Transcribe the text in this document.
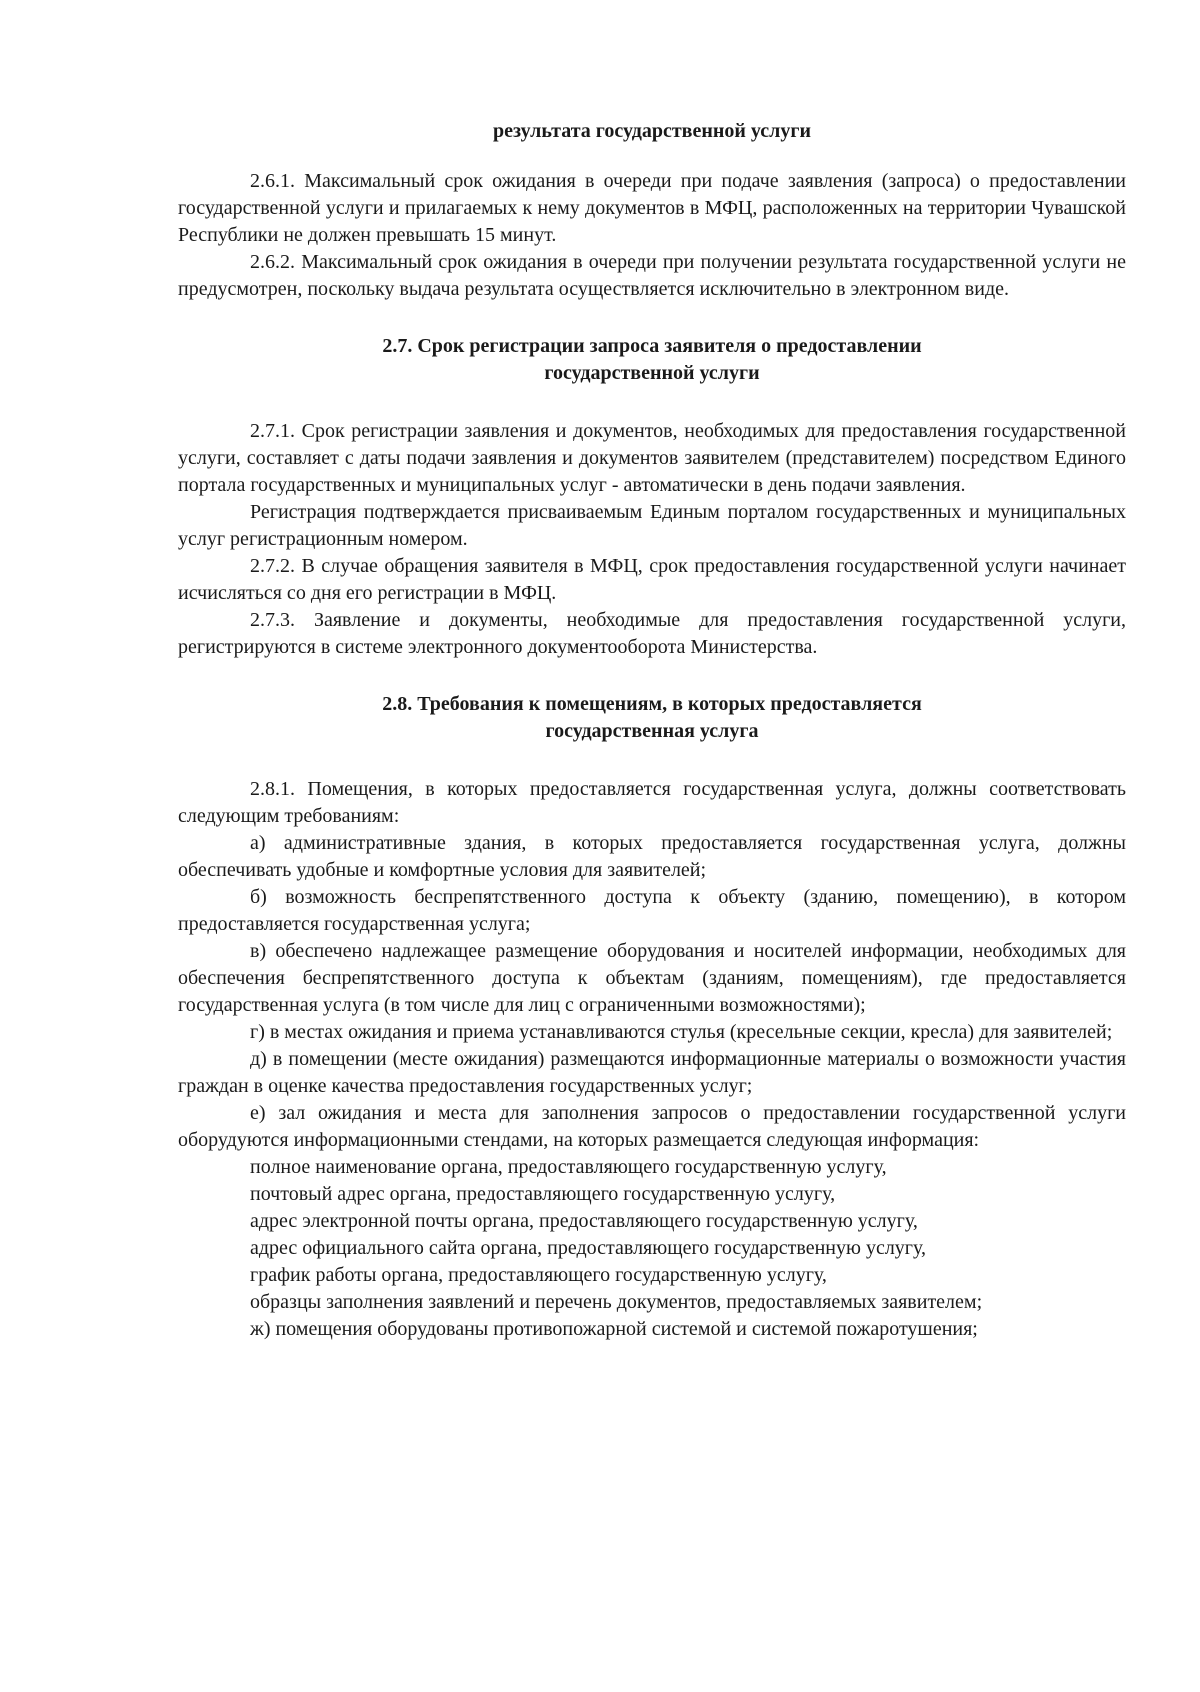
результата государственной услуги

2.6.1. Максимальный срок ожидания в очереди при подаче заявления (запроса) о предоставлении государственной услуги и прилагаемых к нему документов в МФЦ, расположенных на территории Чувашской Республики не должен превышать 15 минут.

2.6.2. Максимальный срок ожидания в очереди при получении результата государственной услуги не предусмотрен, поскольку выдача результата осуществляется исключительно в электронном виде.

2.7. Срок регистрации запроса заявителя о предоставлении
государственной услуги

2.7.1. Срок регистрации заявления и документов, необходимых для предоставления государственной услуги, составляет с даты подачи заявления и документов заявителем (представителем) посредством Единого портала государственных и муниципальных услуг - автоматически в день подачи заявления.

Регистрация подтверждается присваиваемым Единым порталом государственных и муниципальных услуг регистрационным номером.

2.7.2. В случае обращения заявителя в МФЦ, срок предоставления государственной услуги начинает исчисляться со дня его регистрации в МФЦ.

2.7.3. Заявление и документы, необходимые для предоставления государственной услуги, регистрируются в системе электронного документооборота Министерства.

2.8. Требования к помещениям, в которых предоставляется
государственная услуга

2.8.1. Помещения, в которых предоставляется государственная услуга, должны соответствовать следующим требованиям:

а) административные здания, в которых предоставляется государственная услуга, должны обеспечивать удобные и комфортные условия для заявителей;

б) возможность беспрепятственного доступа к объекту (зданию, помещению), в котором предоставляется государственная услуга;

в) обеспечено надлежащее размещение оборудования и носителей информации, необходимых для обеспечения беспрепятственного доступа к объектам (зданиям, помещениям), где предоставляется государственная услуга (в том числе для лиц с ограниченными возможностями);

г) в местах ожидания и приема устанавливаются стулья (кресельные секции, кресла) для заявителей;

д) в помещении (месте ожидания) размещаются информационные материалы о возможности участия граждан в оценке качества предоставления государственных услуг;

е) зал ожидания и места для заполнения запросов о предоставлении государственной услуги оборудуются информационными стендами, на которых размещается следующая информация:

полное наименование органа, предоставляющего государственную услугу,

почтовый адрес органа, предоставляющего государственную услугу,

адрес электронной почты органа, предоставляющего государственную услугу,

адрес официального сайта органа, предоставляющего государственную услугу,

график работы органа, предоставляющего государственную услугу,

образцы заполнения заявлений и перечень документов, предоставляемых заявителем;

ж) помещения оборудованы противопожарной системой и системой пожаротушения;
